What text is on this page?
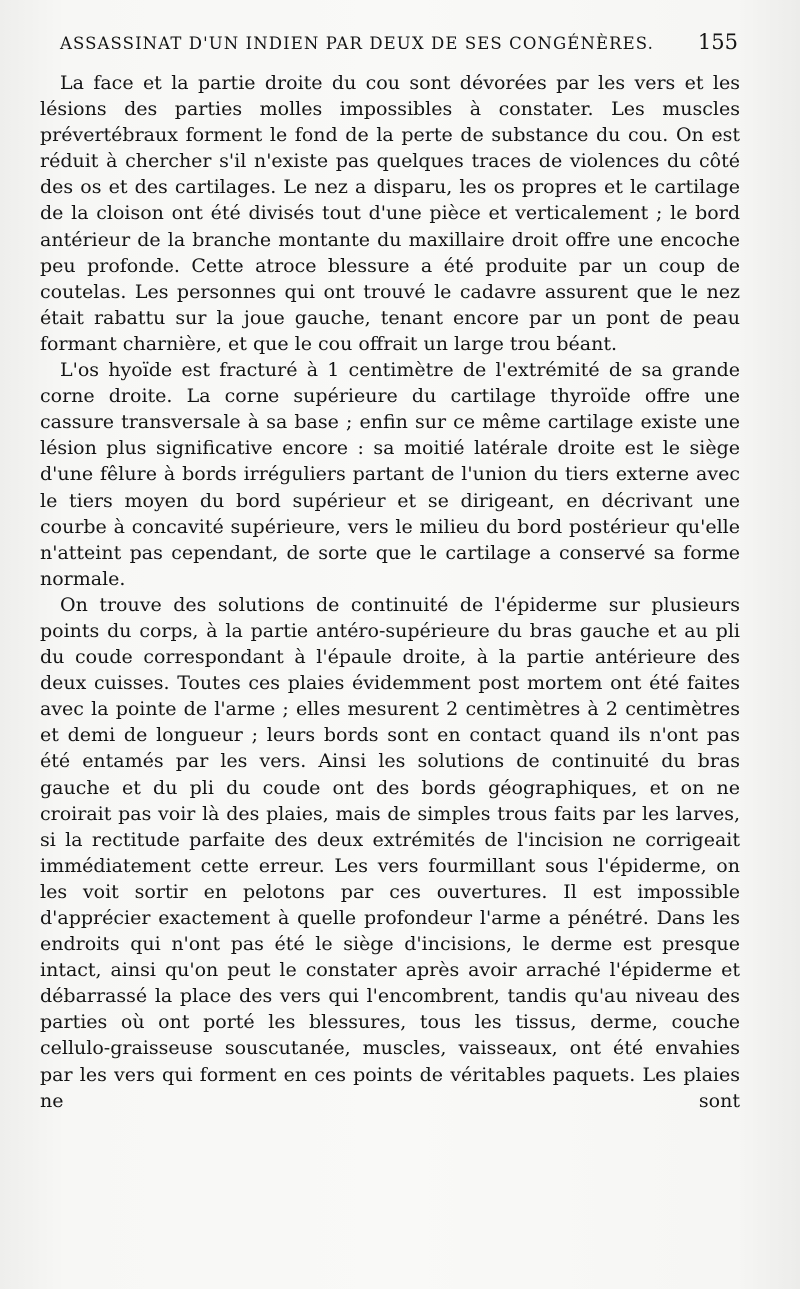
ASSASSINAT D'UN INDIEN PAR DEUX DE SES CONGÉNÈRES. 155

La face et la partie droite du cou sont dévorées par les vers et les lésions des parties molles impossibles à constater. Les muscles prévertébraux forment le fond de la perte de substance du cou. On est réduit à chercher s'il n'existe pas quelques traces de violences du côté des os et des cartilages. Le nez a disparu, les os propres et le cartilage de la cloison ont été divisés tout d'une pièce et verticalement ; le bord antérieur de la branche montante du maxillaire droit offre une encoche peu profonde. Cette atroce blessure a été produite par un coup de coutelas. Les personnes qui ont trouvé le cadavre assurent que le nez était rabattu sur la joue gauche, tenant encore par un pont de peau formant charnière, et que le cou offrait un large trou béant.

L'os hyoïde est fracturé à 1 centimètre de l'extrémité de sa grande corne droite. La corne supérieure du cartilage thyroïde offre une cassure transversale à sa base ; enfin sur ce même cartilage existe une lésion plus significative encore : sa moitié latérale droite est le siège d'une fêlure à bords irréguliers partant de l'union du tiers externe avec le tiers moyen du bord supérieur et se dirigeant, en décrivant une courbe à concavité supérieure, vers le milieu du bord postérieur qu'elle n'atteint pas cependant, de sorte que le cartilage a conservé sa forme normale.

On trouve des solutions de continuité de l'épiderme sur plusieurs points du corps, à la partie antéro-supérieure du bras gauche et au pli du coude correspondant à l'épaule droite, à la partie antérieure des deux cuisses. Toutes ces plaies évidemment post mortem ont été faites avec la pointe de l'arme ; elles mesurent 2 centimètres à 2 centimètres et demi de longueur ; leurs bords sont en contact quand ils n'ont pas été entamés par les vers. Ainsi les solutions de continuité du bras gauche et du pli du coude ont des bords géographiques, et on ne croirait pas voir là des plaies, mais de simples trous faits par les larves, si la rectitude parfaite des deux extrémités de l'incision ne corrigeait immédiatement cette erreur. Les vers fourmillant sous l'épiderme, on les voit sortir en pelotons par ces ouvertures. Il est impossible d'apprécier exactement à quelle profondeur l'arme a pénétré. Dans les endroits qui n'ont pas été le siège d'incisions, le derme est presque intact, ainsi qu'on peut le constater après avoir arraché l'épiderme et débarrassé la place des vers qui l'encombrent, tandis qu'au niveau des parties où ont porté les blessures, tous les tissus, derme, couche cellulo-graisseuse souscutanée, muscles, vaisseaux, ont été envahies par les vers qui forment en ces points de véritables paquets. Les plaies ne sont
